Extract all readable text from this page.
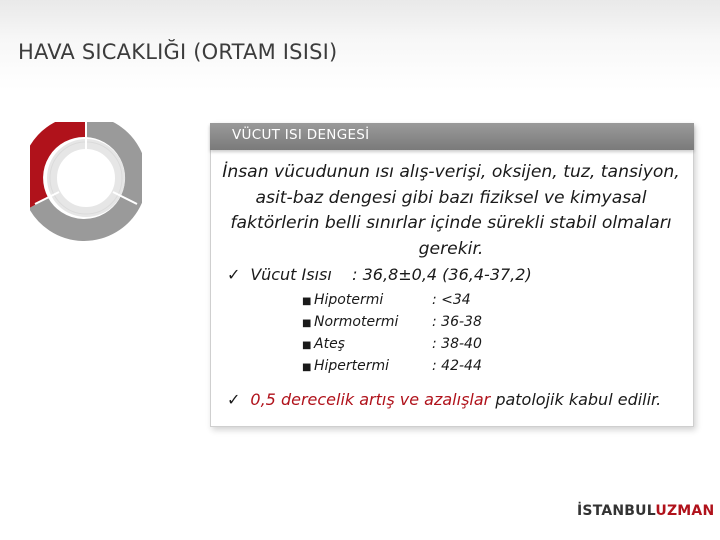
HAVA SICAKLIĞI (ORTAM ISISI)
VÜCUT ISI DENGESİ
İnsan vücudunun ısı alış-verişi, oksijen, tuz, tansiyon, asit-baz dengesi gibi bazı fiziksel ve kimyasal faktörlerin belli sınırlar içinde sürekli stabil olmaları gerekir.
✓ Vücut Isısı : 36,8±0,4 (36,4-37,2)
■ Hipotermi	: <34
■ Normotermi	: 36-38
■ Ateş	: 38-40
■ Hipertermi	: 42-44
✓ 0,5 derecelik artış ve azalışlar patolojik kabul edilir.
İSTANBULUZMAN
